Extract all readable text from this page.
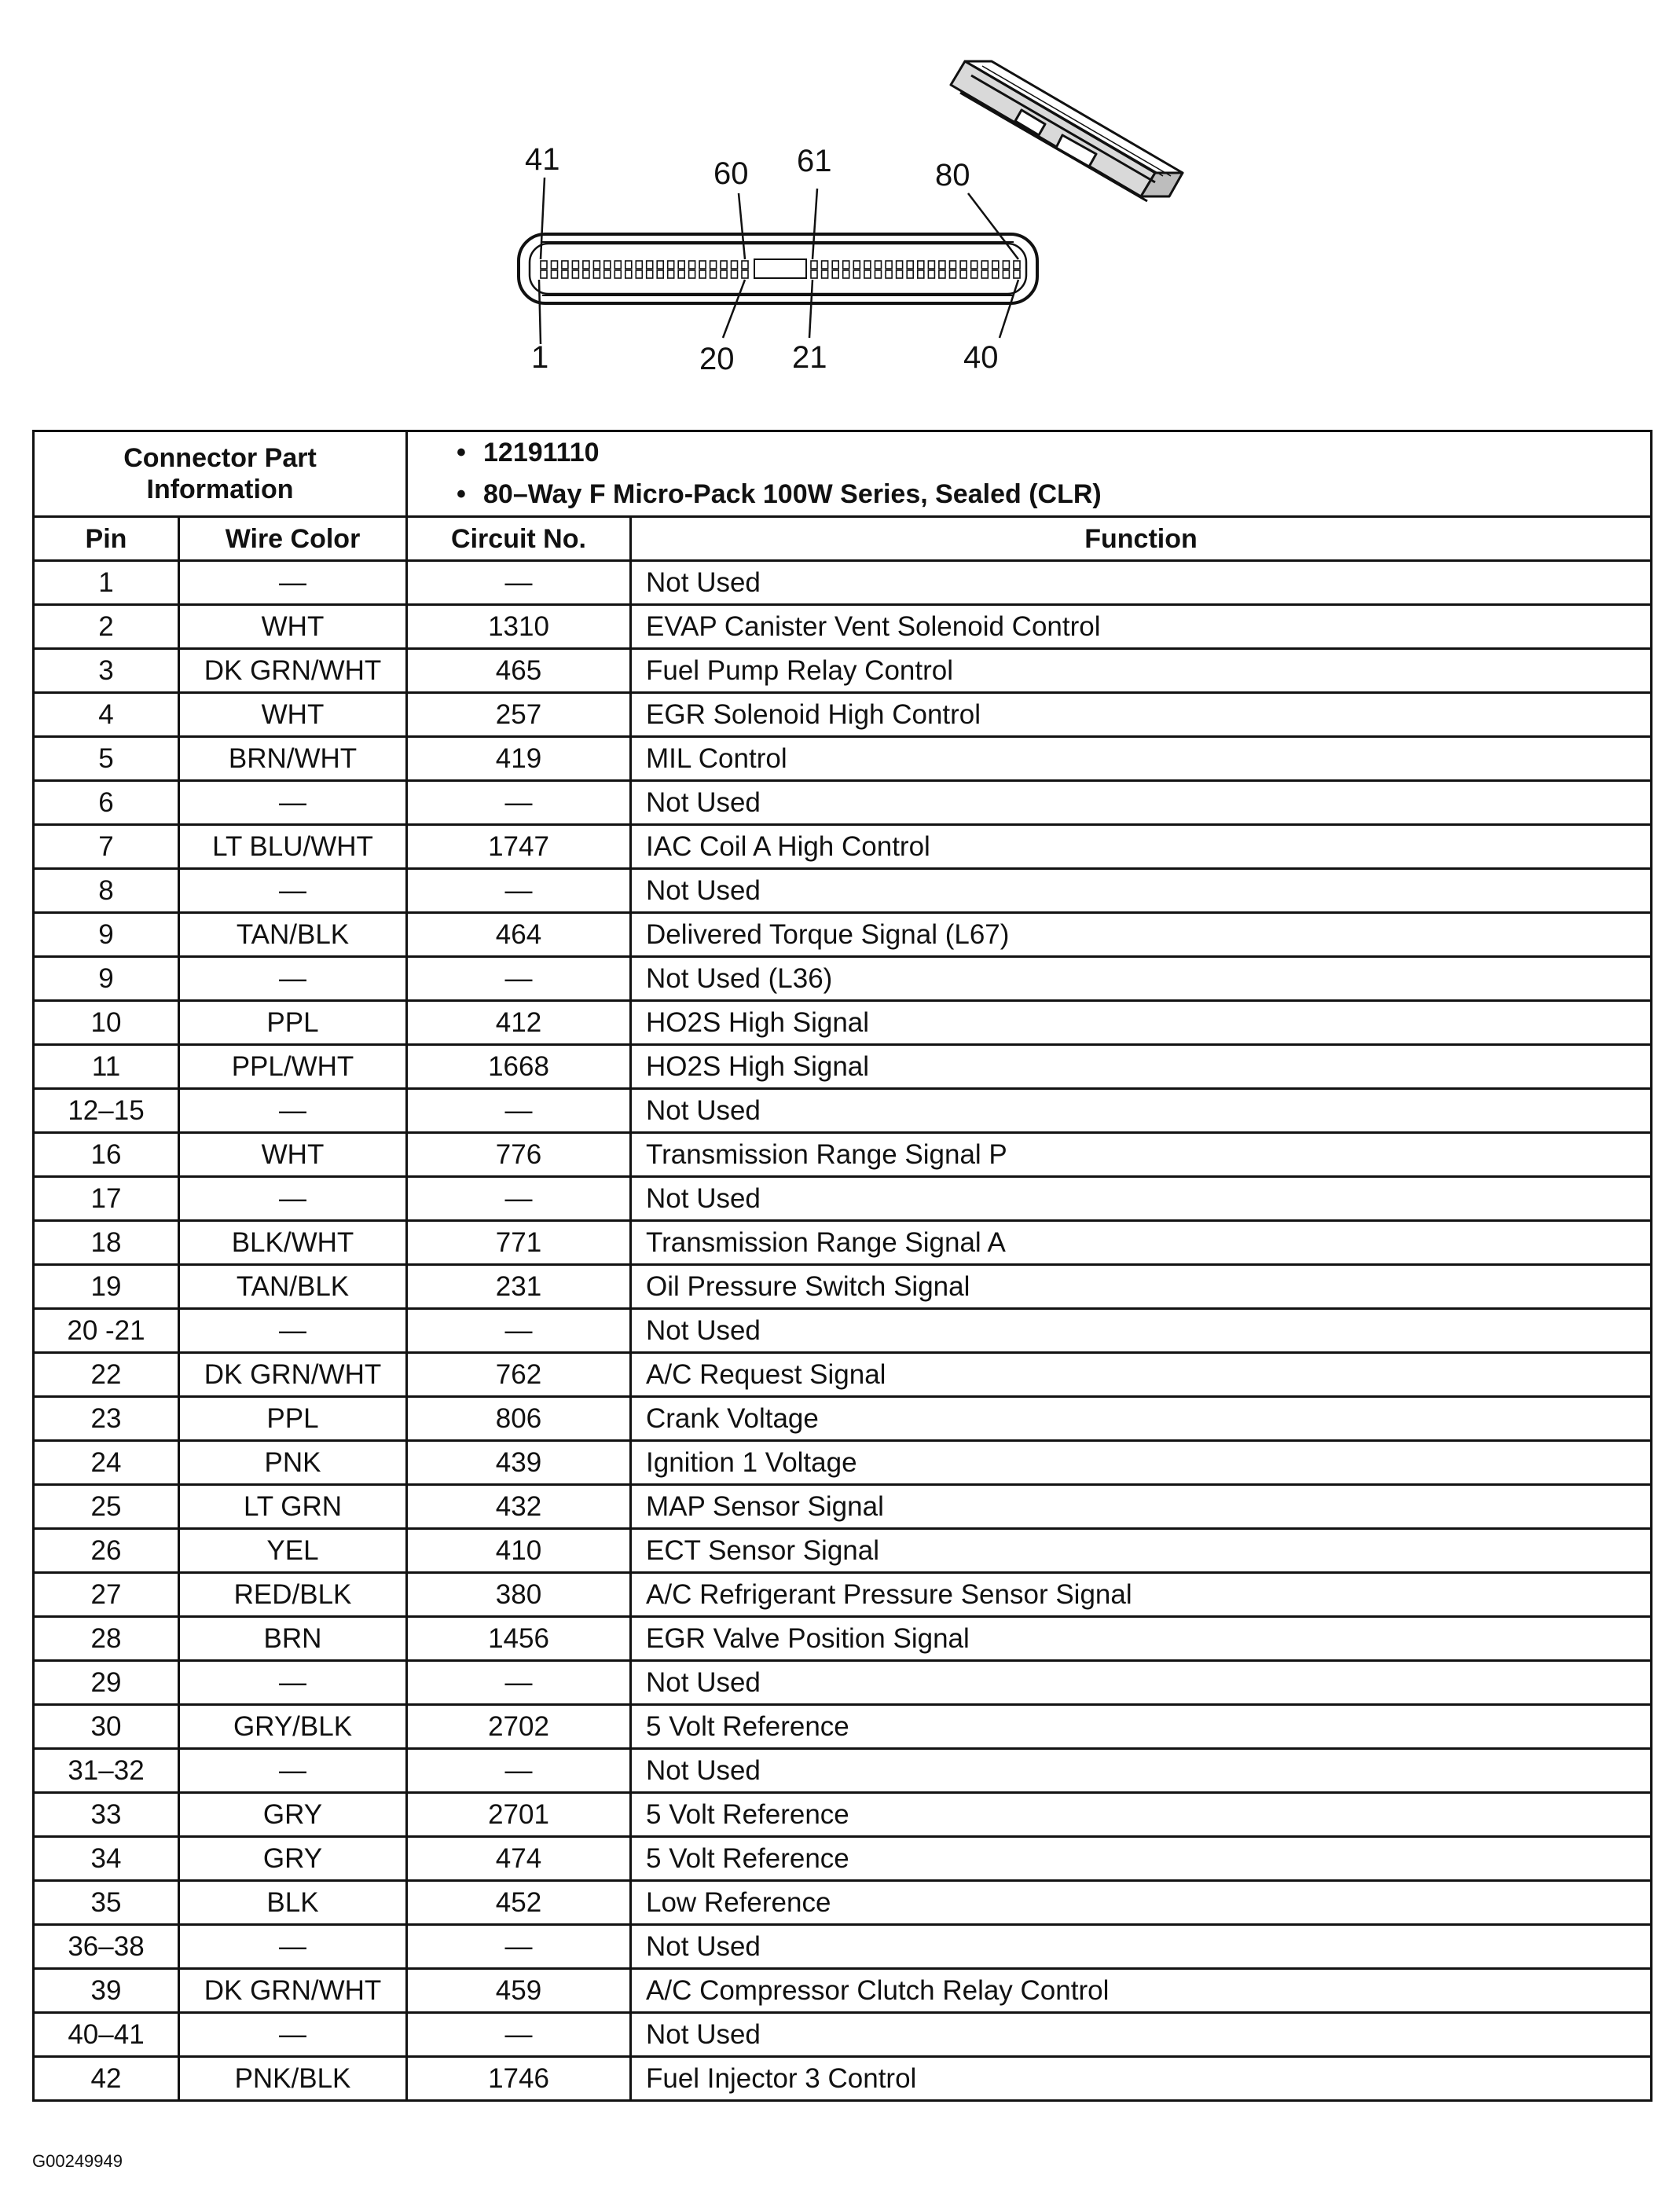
41	60 61	80
1	20 21	40
Connector Part Information		• 12191110
• 80–Way F Micro-Pack 100W Series, Sealed (CLR)	

Pin	Wire Color	Circuit No.	Function
1	—	—	Not Used
2	WHT	1310	EVAP Canister Vent Solenoid Control
3	DK GRN/WHT	465	Fuel Pump Relay Control
4	WHT	257	EGR Solenoid High Control
5	BRN/WHT	419	MIL Control
6	—	—	Not Used
7	LT BLU/WHT	1747	IAC Coil A High Control
8	—	—	Not Used
9	TAN/BLK	464	Delivered Torque Signal (L67)
9	—	—	Not Used (L36)
10	PPL	412	HO2S High Signal
11	PPL/WHT	1668	HO2S High Signal
12–15	—	—	Not Used
16	WHT	776	Transmission Range Signal P
17	—	—	Not Used
18	BLK/WHT	771	Transmission Range Signal A
19	TAN/BLK	231	Oil Pressure Switch Signal
20 -21	—	—	Not Used
22	DK GRN/WHT	762	A/C Request Signal
23	PPL	806	Crank Voltage
24	PNK	439	Ignition 1 Voltage
25	LT GRN	432	MAP Sensor Signal
26	YEL	410	ECT Sensor Signal
27	RED/BLK	380	A/C Refrigerant Pressure Sensor Signal
28	BRN	1456	EGR Valve Position Signal
29	—	—	Not Used
30	GRY/BLK	2702	5 Volt Reference
31–32	—	—	Not Used
33	GRY	2701	5 Volt Reference
34	GRY	474	5 Volt Reference
35	BLK	452	Low Reference
36–38	—	—	Not Used
39	DK GRN/WHT	459	A/C Compressor Clutch Relay Control
40–41	—	—	Not Used
42	PNK/BLK	1746	Fuel Injector 3 Control
G00249949
